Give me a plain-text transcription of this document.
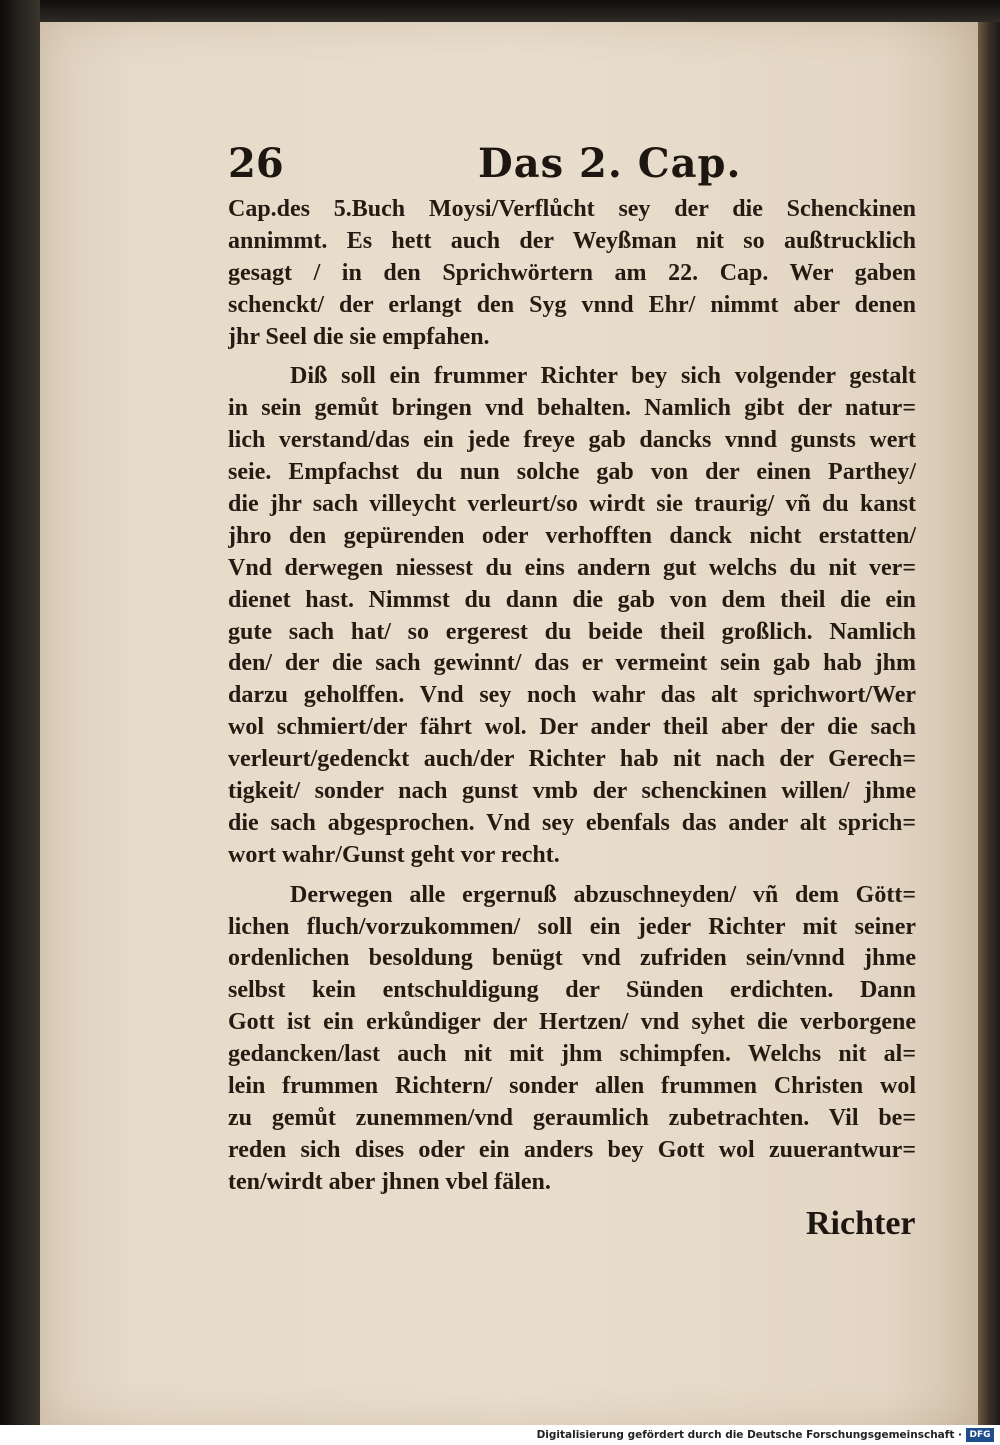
26	Das 2. Cap.
Cap.des 5.Buch Moysi/Verflůcht sey der die Schenckinen
annimmt. Es hett auch der Weyßman nit so außtrucklich
gesagt / in den Sprichwörtern am 22. Cap. Wer gaben
schenckt/ der erlangt den Syg vnnd Ehr/ nimmt aber denen
jhr Seel die sie empfahen.
Diß soll ein frummer Richter bey sich volgender gestalt
in sein gemůt bringen vnd behalten. Namlich gibt der natur=
lich verstand/das ein jede freye gab dancks vnnd gunsts wert
seie. Empfachst du nun solche gab von der einen Parthey/
die jhr sach villeycht verleurt/so wirdt sie traurig/ vñ du kanst
jhro den gepürenden oder verhofften danck nicht erstatten/
Vnd derwegen niessest du eins andern gut welchs du nit ver=
dienet hast. Nimmst du dann die gab von dem theil die ein
gute sach hat/ so ergerest du beide theil großlich. Namlich
den/ der die sach gewinnt/ das er vermeint sein gab hab jhm
darzu geholffen. Vnd sey noch wahr das alt sprichwort/Wer
wol schmiert/der fährt wol. Der ander theil aber der die sach
verleurt/gedenckt auch/der Richter hab nit nach der Gerech=
tigkeit/ sonder nach gunst vmb der schenckinen willen/ jhme
die sach abgesprochen. Vnd sey ebenfals das ander alt sprich=
wort wahr/Gunst geht vor recht.
Derwegen alle ergernuß abzuschneyden/ vñ dem Gött=
lichen fluch/vorzukommen/ soll ein jeder Richter mit seiner
ordenlichen besoldung benügt vnd zufriden sein/vnnd jhme
selbst kein entschuldigung der Sünden erdichten. Dann
Gott ist ein erkůndiger der Hertzen/ vnd syhet die verborgene
gedancken/last auch nit mit jhm schimpfen. Welchs nit al=
lein frummen Richtern/ sonder allen frummen Christen wol
zu gemůt zunemmen/vnd geraumlich zubetrachten. Vil be=
reden sich dises oder ein anders bey Gott wol zuuerantwur=
ten/wirdt aber jhnen vbel fälen.
Richter
Digitalisierung gefördert durch die Deutsche Forschungsgemeinschaft · DFG
